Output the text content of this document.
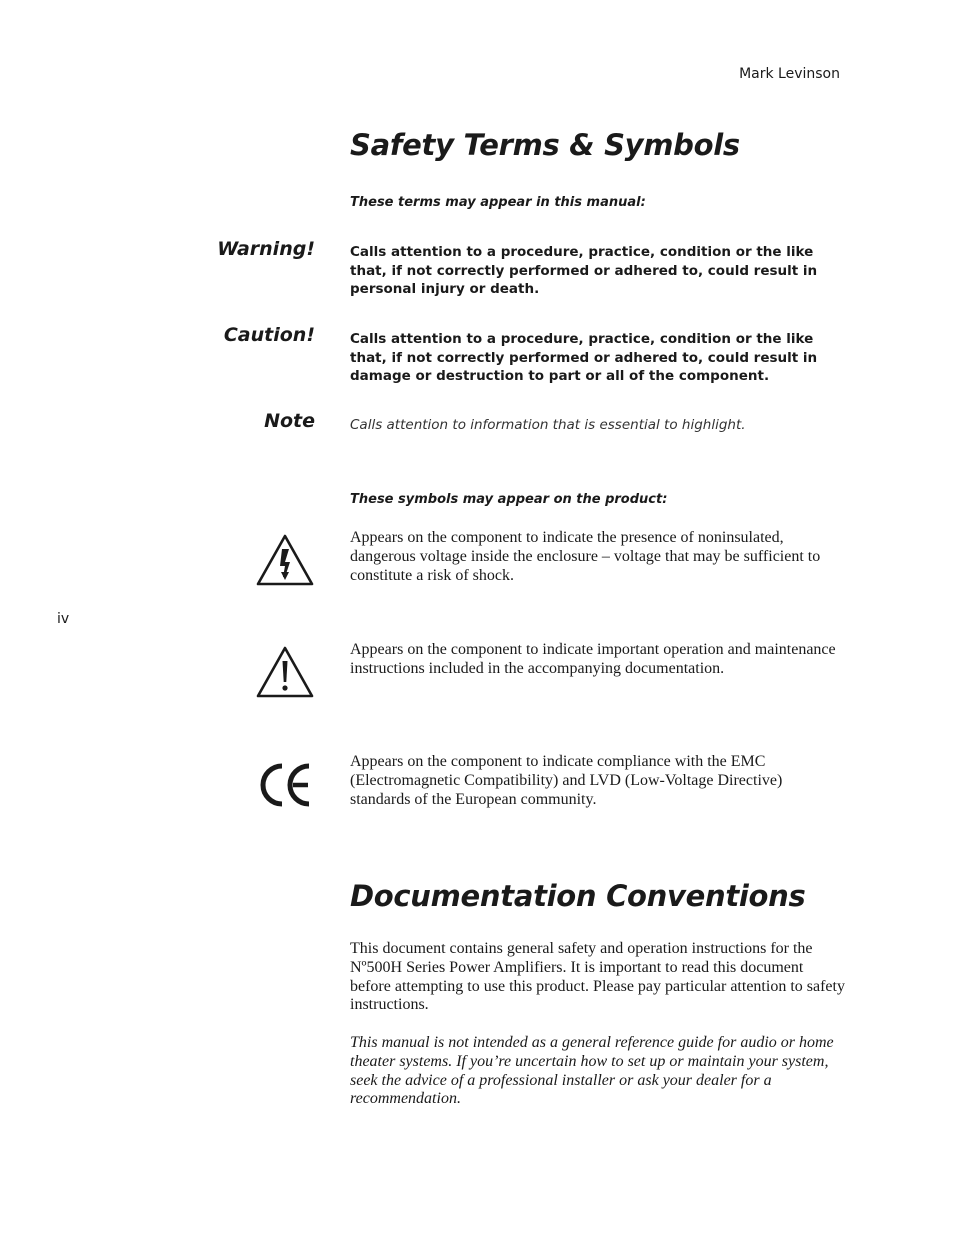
Mark Levinson
Safety Terms & Symbols
These terms may appear in this manual:
Warning!	Calls attention to a procedure, practice, condition or the like that, if not correctly performed or adhered to, could result in personal injury or death.
Caution!	Calls attention to a procedure, practice, condition or the like that, if not correctly performed or adhered to, could result in damage or destruction to part or all of the component.
Note	Calls attention to information that is essential to highlight.
These symbols may appear on the product:
Appears on the component to indicate the presence of noninsulated, dangerous voltage inside the enclosure – voltage that may be sufficient to constitute a risk of shock.
iv
Appears on the component to indicate important operation and maintenance instructions included in the accompanying documentation.
Appears on the component to indicate compliance with the EMC (Electromagnetic Compatibility) and LVD (Low-Voltage Directive) standards of the European community.
Documentation Conventions
This document contains general safety and operation instructions for the Nº500H Series Power Amplifiers. It is important to read this document before attempting to use this product. Please pay particular attention to safety instructions.
This manual is not intended as a general reference guide for audio or home theater systems. If you’re uncertain how to set up or maintain your system, seek the advice of a professional installer or ask your dealer for a recommendation.
